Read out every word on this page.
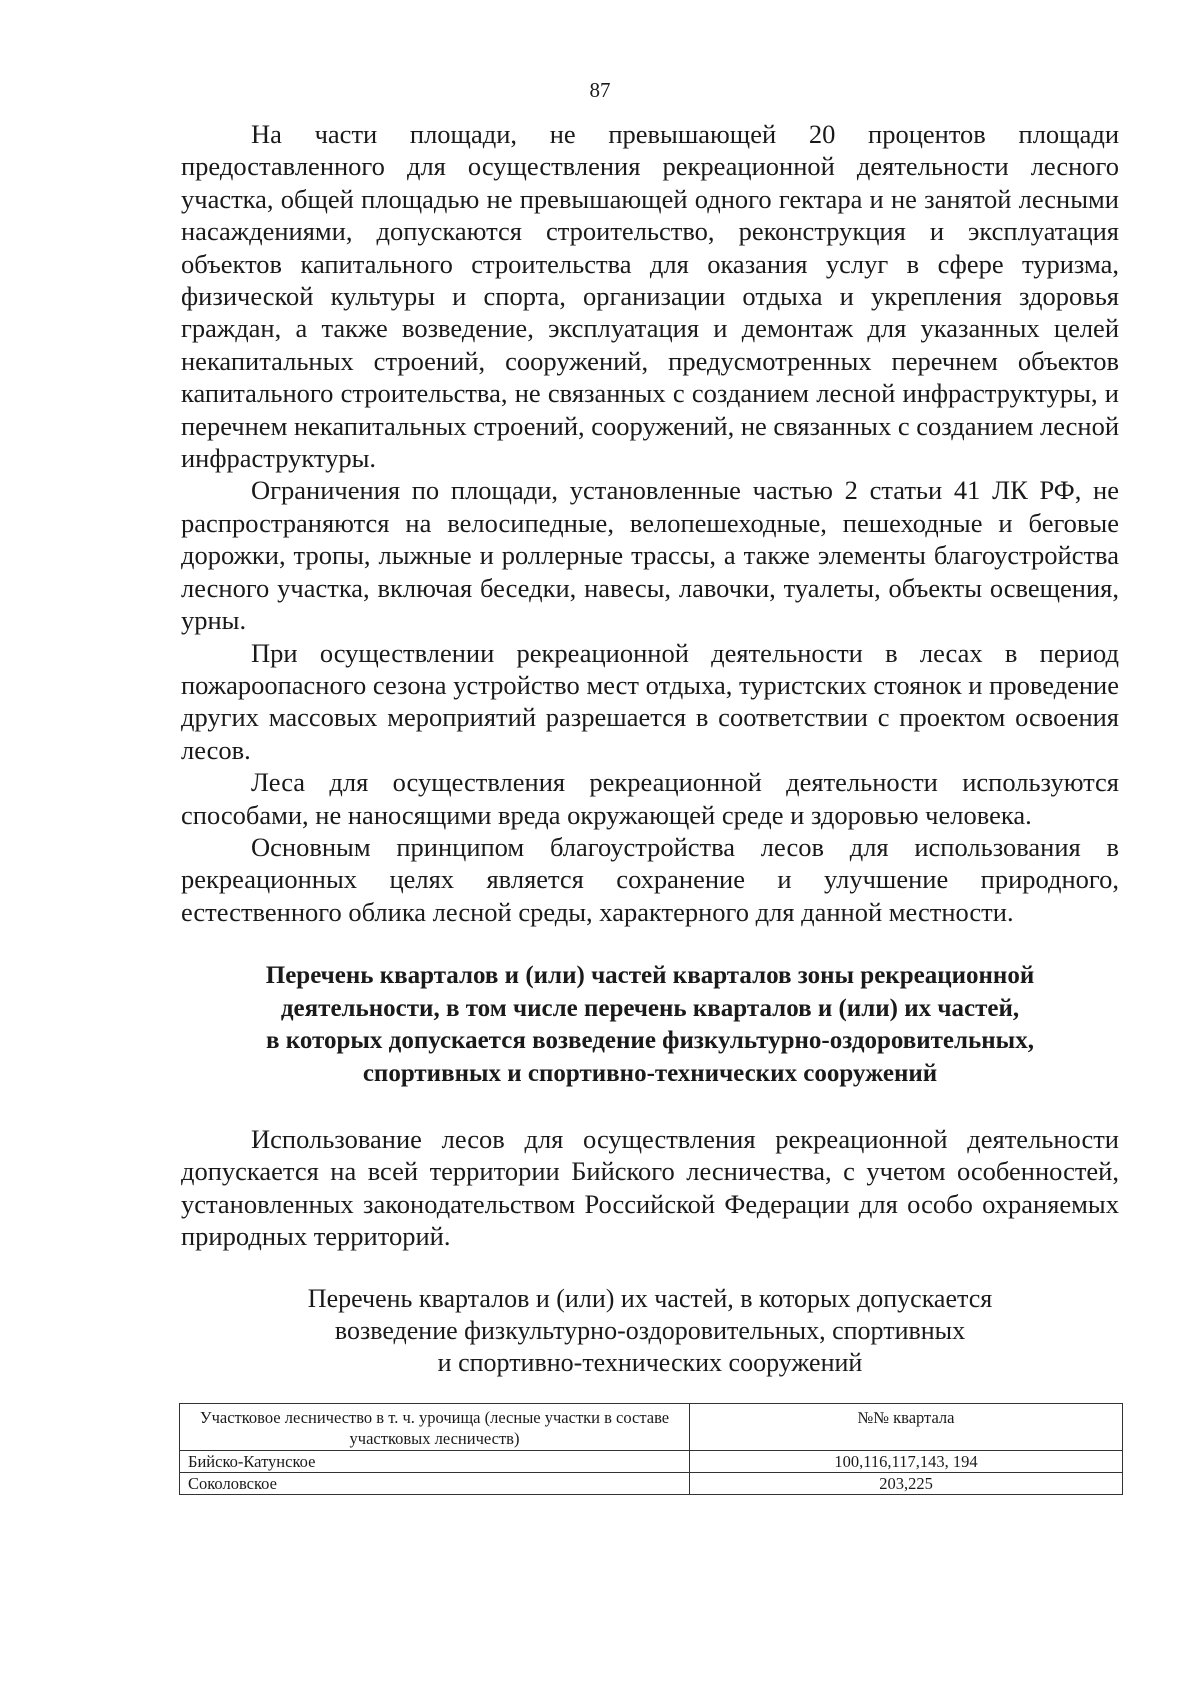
87

На части площади, не превышающей 20 процентов площади предоставленного для осуществления рекреационной деятельности лесного участка, общей площадью не превышающей одного гектара и не занятой лесными насаждениями, допускаются строительство, реконструкция и эксплуатация объектов капитального строительства для оказания услуг в сфере туризма, физической культуры и спорта, организации отдыха и укрепления здоровья граждан, а также возведение, эксплуатация и демонтаж для указанных целей некапитальных строений, сооружений, предусмотренных перечнем объектов капитального строительства, не связанных с созданием лесной инфраструктуры, и перечнем некапитальных строений, сооружений, не связанных с созданием лесной инфраструктуры.

Ограничения по площади, установленные частью 2 статьи 41 ЛК РФ, не распространяются на велосипедные, велопешеходные, пешеходные и беговые дорожки, тропы, лыжные и роллерные трассы, а также элементы благоустройства лесного участка, включая беседки, навесы, лавочки, туалеты, объекты освещения, урны.

При осуществлении рекреационной деятельности в лесах в период пожароопасного сезона устройство мест отдыха, туристских стоянок и проведение других массовых мероприятий разрешается в соответствии с проектом освоения лесов.

Леса для осуществления рекреационной деятельности используются способами, не наносящими вреда окружающей среде и здоровью человека.

Основным принципом благоустройства лесов для использования в рекреационных целях является сохранение и улучшение природного, естественного облика лесной среды, характерного для данной местности.

Перечень кварталов и (или) частей кварталов зоны рекреационной
деятельности, в том числе перечень кварталов и (или) их частей,
в которых допускается возведение физкультурно-оздоровительных,
спортивных и спортивно-технических сооружений

Использование лесов для осуществления рекреационной деятельности допускается на всей территории Бийского лесничества, с учетом особенностей, установленных законодательством Российской Федерации для особо охраняемых природных территорий.

Перечень кварталов и (или) их частей, в которых допускается
возведение физкультурно-оздоровительных, спортивных
и спортивно-технических сооружений
Участковое лесничество в т. ч. урочища (лесные участки в составе участковых лесничеств)	№№ квартала
Бийско-Катунское	100,116,117,143, 194
Соколовское	203,225
